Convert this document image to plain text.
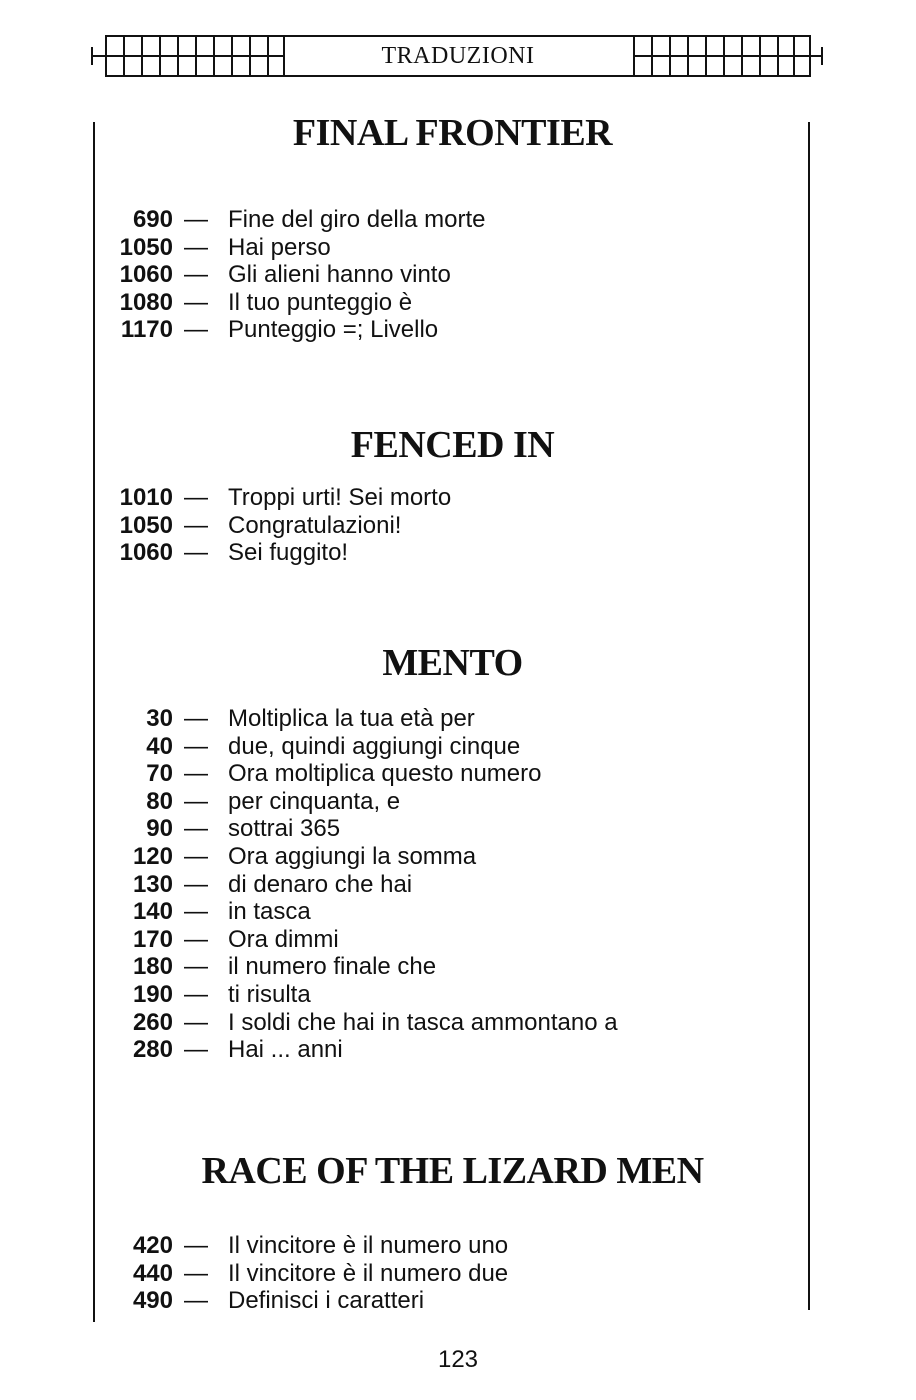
TRADUZIONI
FINAL FRONTIER
690 — Fine del giro della morte
1050 — Hai perso
1060 — Gli alieni hanno vinto
1080 — Il tuo punteggio è
1170 — Punteggio =; Livello
FENCED IN
1010 — Troppi urti! Sei morto
1050 — Congratulazioni!
1060 — Sei fuggito!
MENTO
30 — Moltiplica la tua età per
40 — due, quindi aggiungi cinque
70 — Ora moltiplica questo numero
80 — per cinquanta, e
90 — sottrai 365
120 — Ora aggiungi la somma
130 — di denaro che hai
140 — in tasca
170 — Ora dimmi
180 — il numero finale che
190 — ti risulta
260 — I soldi che hai in tasca ammontano a
280 — Hai ... anni
RACE OF THE LIZARD MEN
420 — Il vincitore è il numero uno
440 — Il vincitore è il numero due
490 — Definisci i caratteri
123
